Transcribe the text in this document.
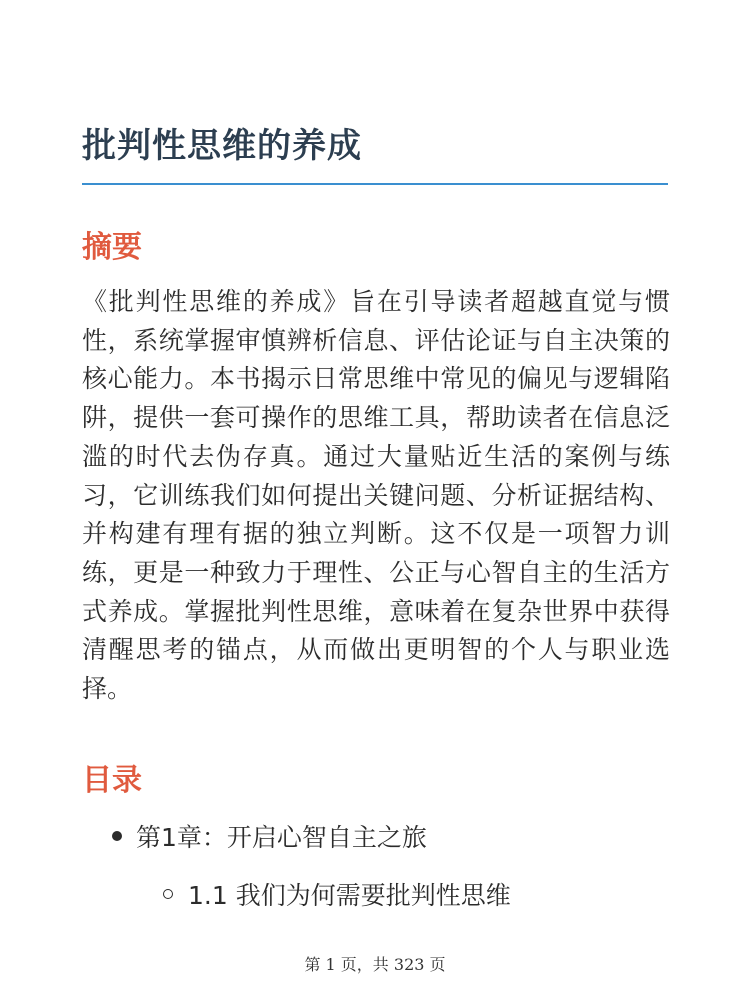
批判性思维的养成
摘要

《批判性思维的养成》旨在引导读者超越直觉与惯性，系统掌握审慎辨析信息、评估论证与自主决策的核心能力。本书揭示日常思维中常见的偏见与逻辑陷阱，提供一套可操作的思维工具，帮助读者在信息泛滥的时代去伪存真。通过大量贴近生活的案例与练习，它训练我们如何提出关键问题、分析证据结构、并构建有理有据的独立判断。这不仅是一项智力训练，更是一种致力于理性、公正与心智自主的生活方式养成。掌握批判性思维，意味着在复杂世界中获得清醒思考的锚点，从而做出更明智的个人与职业选择。

目录
第1章：开启心智自主之旅
1.1 我们为何需要批判性思维
第 1 页，共 323 页
